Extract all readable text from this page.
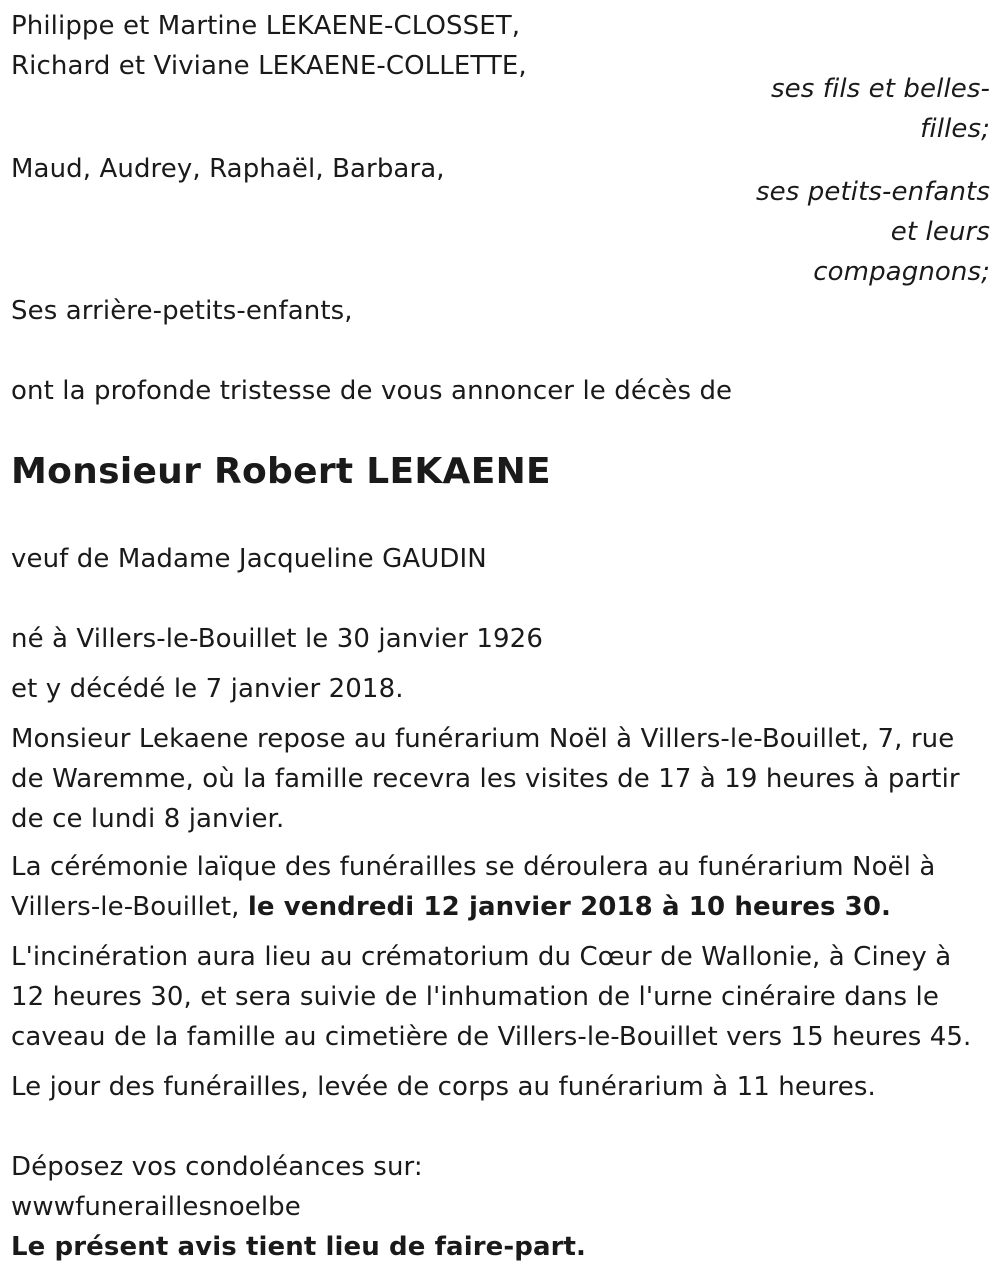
Philippe et Martine LEKAENE-CLOSSET,
Richard et Viviane LEKAENE-COLLETTE,
ses fils et belles-
filles;
Maud, Audrey, Raphaël, Barbara,
ses petits-enfants
et leurs
compagnons;
Ses arrière-petits-enfants,
ont la profonde tristesse de vous annoncer le décès de
Monsieur Robert LEKAENE
veuf de Madame Jacqueline GAUDIN
né à Villers-le-Bouillet le 30 janvier 1926
et y décédé le 7 janvier 2018.
Monsieur Lekaene repose au funérarium Noël à Villers-le-Bouillet, 7, rue de Waremme, où la famille recevra les visites de 17 à 19 heures à partir de ce lundi 8 janvier.
La cérémonie laïque des funérailles se déroulera au funérarium Noël à Villers-le-Bouillet, le vendredi 12 janvier 2018 à 10 heures 30.
L'incinération aura lieu au crématorium du Cœur de Wallonie, à Ciney à 12 heures 30, et sera suivie de l'inhumation de l'urne cinéraire dans le caveau de la famille au cimetière de Villers-le-Bouillet vers 15 heures 45.
Le jour des funérailles, levée de corps au funérarium à 11 heures.
Déposez vos condoléances sur:
wwwfuneraillesnoelbe
Le présent avis tient lieu de faire-part.
